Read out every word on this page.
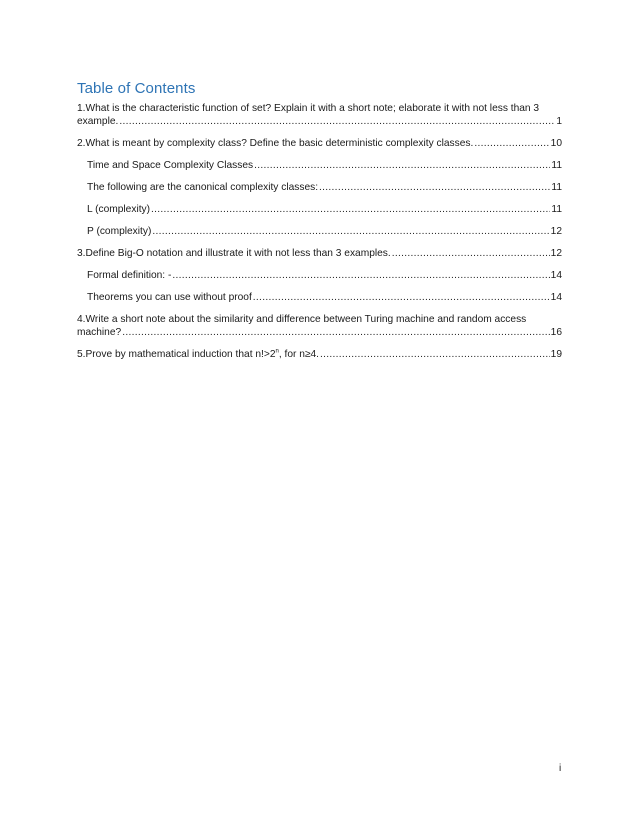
Table of Contents
1.What is the characteristic function of set? Explain it with a short note; elaborate it with not less than 3
example. .....	1
2.What is meant by complexity class? Define the basic deterministic complexity classes. .....	10
Time and Space Complexity Classes .....	11
The following are the canonical complexity classes: .....	11
L (complexity) .....	11
P (complexity) .....	12
3.Define Big-O notation and illustrate it with not less than 3 examples. .....	12
Formal definition: - .....	14
Theorems you can use without proof .....	14
4.Write a short note about the similarity and difference between Turing machine and random access
machine? .....	16
5.Prove by mathematical induction that $n!>2^n$, for n≥4. .....	19
i
